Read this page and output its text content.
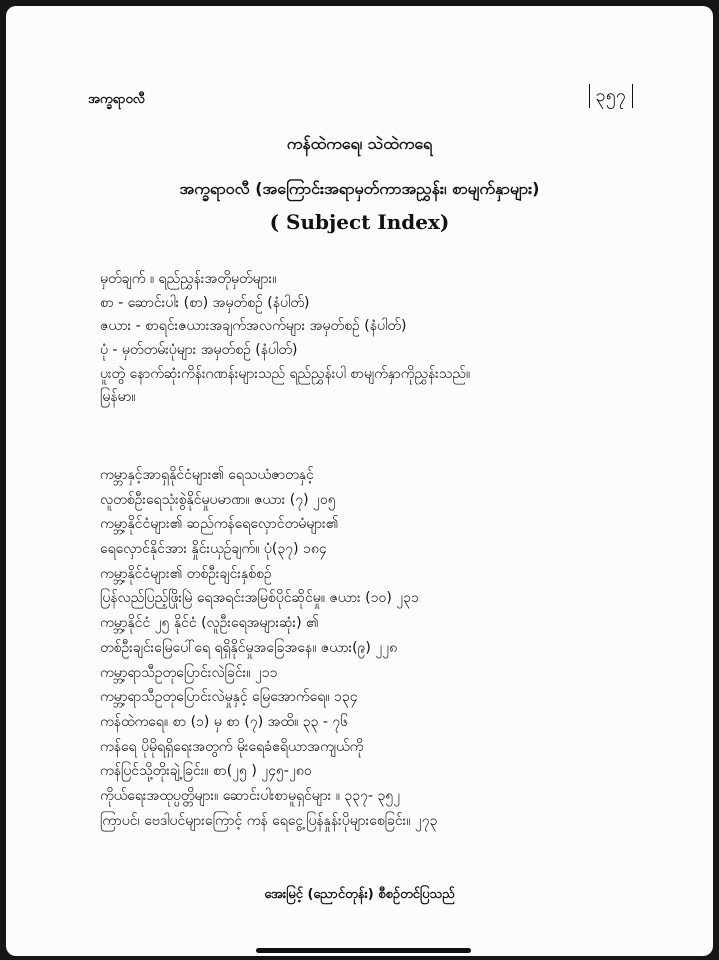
အက္ခရာဝလီ	၃၅၇
ကန်ထဲကရေ၊ သဲထဲကရေ
အက္ခရာဝလီ (အကြောင်းအရာမှတ်ကာအညွှန်း၊ စာမျက်နှာများ)
( Subject Index)
မှတ်ချက် ။ ရည်ညွှန်းအတိုမှတ်များ။
စာ - ဆောင်းပါး (စာ) အမှတ်စဉ် (နံပါတ်)
ဇယား - စာရင်းဇယားအချက်အလက်များ အမှတ်စဉ် (နံပါတ်)
ပုံ - မှတ်တမ်းပုံများ အမှတ်စဉ် (နံပါတ်)
ပူးတွဲ နောက်ဆုံးကိန်းဂဏန်းများသည် ရည်ညွှန်းပါ စာမျက်နှာကိုညွှန်းသည်။
မြန်မာ။
ကမ္ဘာနှင့်အာရှနိုင်ငံများ၏ ရေသယံဇာတနှင့်
လူတစ်ဦးရေသုံးစွဲနိုင်မှုပမာဏ။ ဇယား (၇) ၂၀၅
ကမ္ဘာ့နိုင်ငံများ၏ ဆည်ကန်ရေလှောင်တမံများ၏
ရေလှောင်နိုင်အား နှိုင်းယှဉ်ချက်။ ပုံ(၃၇) ၁၈၄
ကမ္ဘာ့နိုင်ငံများ၏ တစ်ဦးချင်းနှစ်စဉ်
ပြန်လည်ပြည့်ဖြိုးမြဲ ရေအရင်းအမြစ်ပိုင်ဆိုင်မှု။ ဇယား (၁၀) ၂၃၁
ကမ္ဘာ့နိုင်ငံ ၂၅ နိုင်ငံ (လူဦးရေအများဆုံး) ၏
တစ်ဦးချင်းမြေပေါ်ရေ ရရှိနိုင်မှုအခြေအနေ။ ဇယား(၉) ၂၂၈
ကမ္ဘာ့ရာသီဥတုပြောင်းလဲခြင်း။ ၂၁၁
ကမ္ဘာ့ရာသီဥတုပြောင်းလဲမှုနှင့် မြေအောက်ရေ။ ၁၃၄
ကန်ထဲကရေ။ စာ (၁) မှ စာ (၇) အထိ။ ၃၃ - ၇၆
ကန်ရေ ပိုမိုရရှိရေးအတွက် မိုးရေခံဧရိယာအကျယ်ကို
ကန်ပြင်သို့တိုးချဲ့ခြင်း။ စာ(၂၅ ) ၂၄၅-၂၈၀
ကိုယ်ရေးအထုပ္ပတ္တိများ။ ဆောင်းပါးစာမူရှင်များ ။ ၃၃၇- ၃၅၂
ကြာပင်၊ ဗေဒါပင်များကြောင့် ကန် ရေငွေ့ပြန်နှုန်းပိုများစေခြင်း။ ၂၇၃
အေးမြင့် (ညောင်တုန်း) စီစဉ်တင်ပြသည်
